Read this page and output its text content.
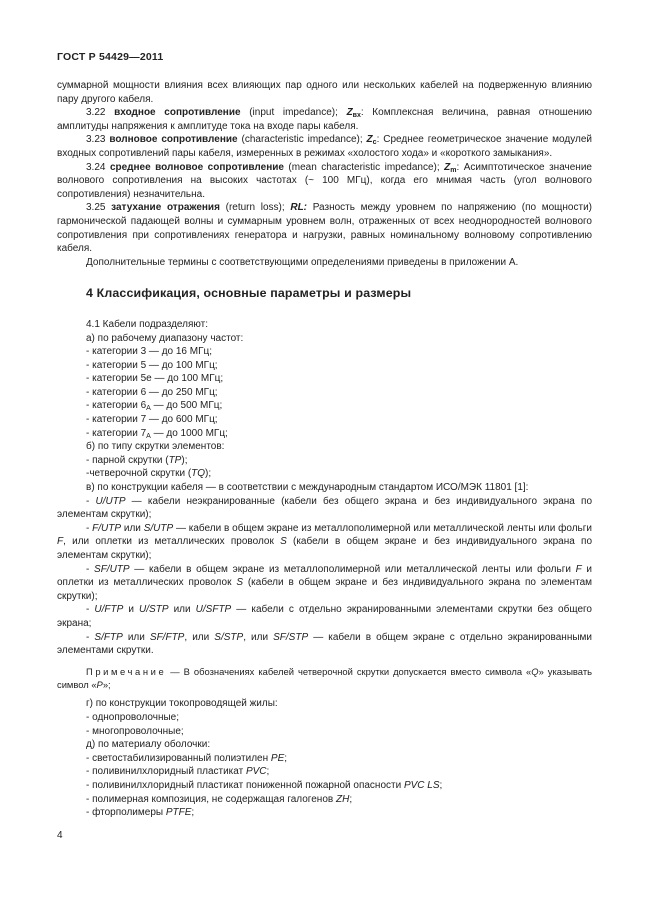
ГОСТ Р 54429—2011

суммарной мощности влияния всех влияющих пар одного или нескольких кабелей на подверженную влиянию пару другого кабеля.

3.22 входное сопротивление (input impedance); $Z_{вх}$: Комплексная величина, равная отношению амплитуды напряжения к амплитуде тока на входе пары кабеля.

3.23 волновое сопротивление (characteristic impedance); $Z_c$: Среднее геометрическое значение модулей входных сопротивлений пары кабеля, измеренных в режимах «холостого хода» и «короткого замыкания».

3.24 среднее волновое сопротивление (mean characteristic impedance); $Z_m$: Асимптотическое значение волнового сопротивления на высоких частотах (~ 100 МГц), когда его мнимая часть (угол волнового сопротивления) незначительна.

3.25 затухание отражения (return loss); RL: Разность между уровнем по напряжению (по мощности) гармонической падающей волны и суммарным уровнем волн, отраженных от всех неоднородностей волнового сопротивления при сопротивлениях генератора и нагрузки, равных номинальному волновому сопротивлению кабеля.

Дополнительные термины с соответствующими определениями приведены в приложении А.

4 Классификация, основные параметры и размеры

4.1 Кабели подразделяют:

а) по рабочему диапазону частот:

- категории 3 — до 16 МГц;

- категории 5 — до 100 МГц;

- категории 5е — до 100 МГц;

- категории 6 — до 250 МГц;

- категории $6_А$ — до 500 МГц;

- категории 7 — до 600 МГц;

- категории $7_А$ — до 1000 МГц;

б) по типу скрутки элементов:

- парной скрутки (TP);

-четверочной скрутки (TQ);

в) по конструкции кабеля — в соответствии с международным стандартом ИСО/МЭК 11801 [1]:

- U/UTP — кабели неэкранированные (кабели без общего экрана и без индивидуального экрана по элементам скрутки);

- F/UTP или S/UTP — кабели в общем экране из металлополимерной или металлической ленты или фольги F, или оплетки из металлических проволок S (кабели в общем экране и без индивидуального экрана по элементам скрутки);

- SF/UTP — кабели в общем экране из металлополимерной или металлической ленты или фольги F и оплетки из металлических проволок S (кабели в общем экране и без индивидуального экрана по элементам скрутки);

- U/FTP и U/STP или U/SFTP — кабели с отдельно экранированными элементами скрутки без общего экрана;

- S/FTP или SF/FTP, или S/STP, или SF/STP — кабели в общем экране с отдельно экранированными элементами скрутки.

Примечание — В обозначениях кабелей четверочной скрутки допускается вместо символа «Q» указывать символ «P»;

г) по конструкции токопроводящей жилы:

- однопроволочные;

- многопроволочные;

д) по материалу оболочки:

- светостабилизированный полиэтилен PE;

- поливинилхлоридный пластикат PVC;

- поливинилхлоридный пластикат пониженной пожарной опасности PVC LS;

- полимерная композиция, не содержащая галогенов ZH;

- фторполимеры PTFE;

4
